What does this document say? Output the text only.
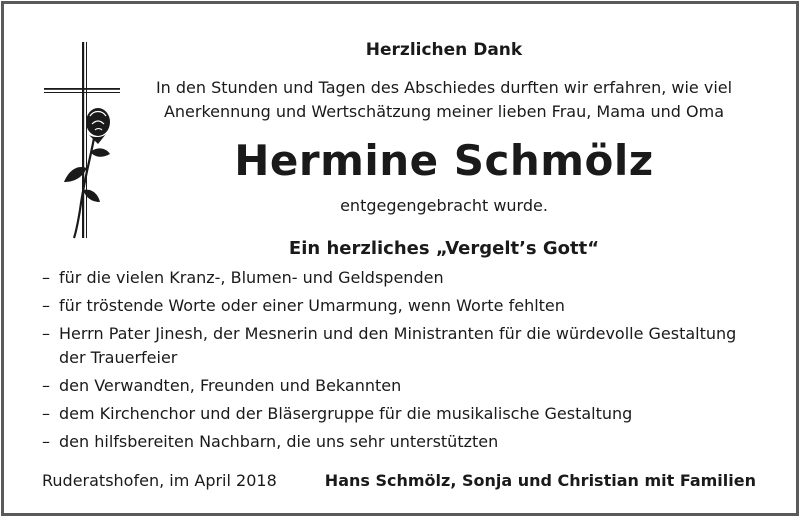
Herzlichen Dank
In den Stunden und Tagen des Abschiedes durften wir erfahren, wie viel
Anerkennung und Wertschätzung meiner lieben Frau, Mama und Oma
Hermine Schmölz
entgegengebracht wurde.
Ein herzliches „Vergelt’s Gott“
– für die vielen Kranz-, Blumen- und Geldspenden
– für tröstende Worte oder einer Umarmung, wenn Worte fehlten
– Herrn Pater Jinesh, der Mesnerin und den Ministranten für die würdevolle Gestaltung der Trauerfeier
– den Verwandten, Freunden und Bekannten
– dem Kirchenchor und der Bläsergruppe für die musikalische Gestaltung
– den hilfsbereiten Nachbarn, die uns sehr unterstützten
Ruderatshofen, im April 2018	Hans Schmölz, Sonja und Christian mit Familien
